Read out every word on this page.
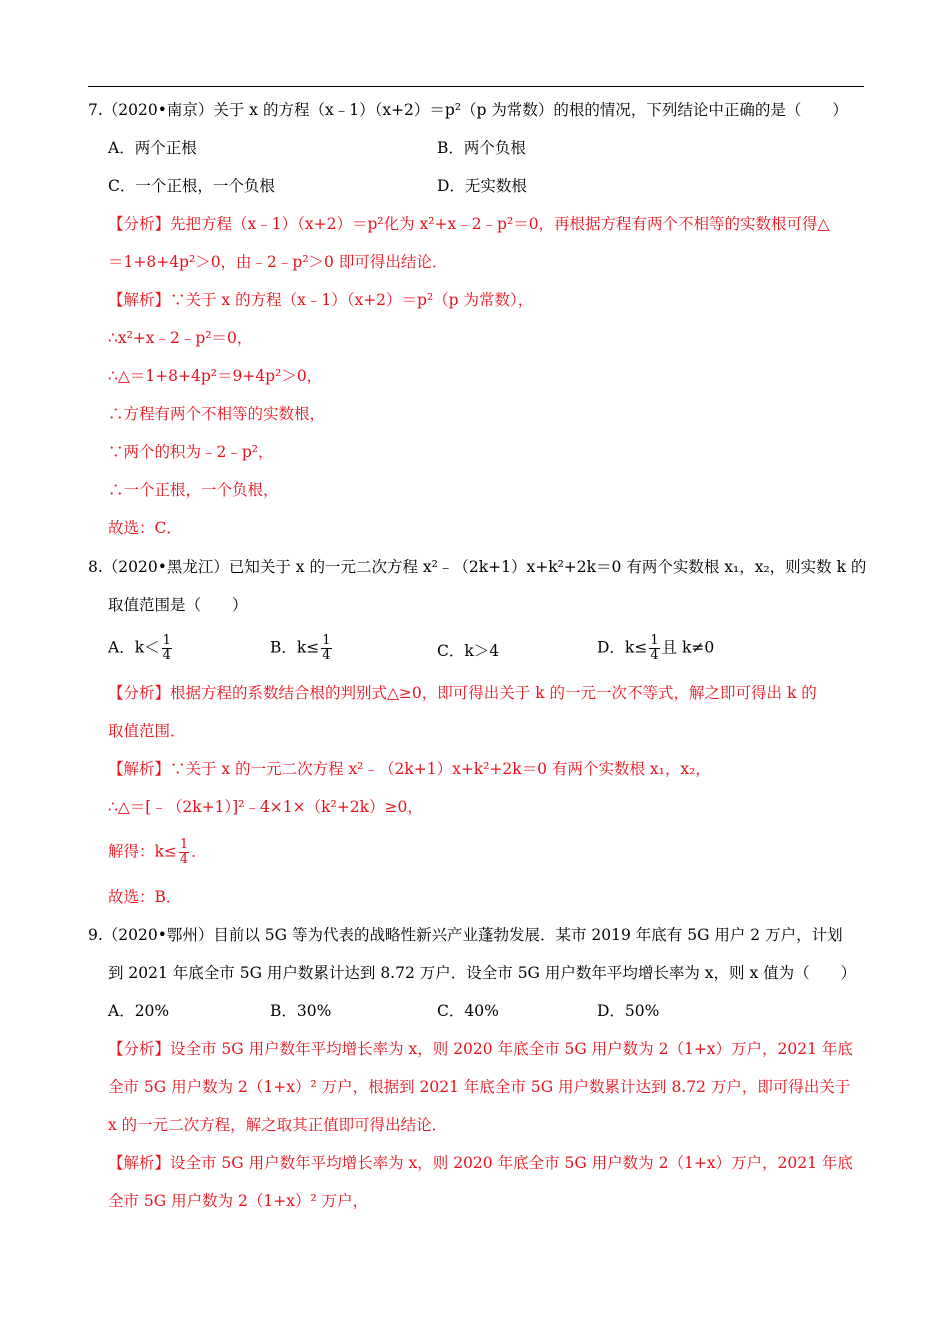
7.（2020•南京）关于 x 的方程（x﹣1）（x+2）＝p²（p 为常数）的根的情况，下列结论中正确的是（　　）
A．两个正根	B．两个负根
C．一个正根，一个负根	D．无实数根
【分析】先把方程（x﹣1）（x+2）＝p²化为 x²+x﹣2﹣p²＝0，再根据方程有两个不相等的实数根可得△
＝1+8+4p²＞0，由﹣2﹣p²＞0 即可得出结论．
【解析】∵关于 x 的方程（x﹣1）（x+2）＝p²（p 为常数），
∴x²+x﹣2﹣p²＝0，
∴△＝1+8+4p²＝9+4p²＞0，
∴方程有两个不相等的实数根，
∵两个的积为﹣2﹣p²，
∴一个正根，一个负根，
故选：C．
8.（2020•黑龙江）已知关于 x 的一元二次方程 x²﹣（2k+1）x+k²+2k＝0 有两个实数根 x₁，x₂，则实数 k 的
取值范围是（　　）
A．$k< \frac{1}{4}$	B．$k\le \frac{1}{4}$	C．k＞4	D．$k\le \frac{1}{4}$ 且 k≠0
【分析】根据方程的系数结合根的判别式△≥0，即可得出关于 k 的一元一次不等式，解之即可得出 k 的
取值范围．
【解析】∵关于 x 的一元二次方程 x²﹣（2k+1）x+k²+2k＝0 有两个实数根 x₁，x₂，
∴△＝[﹣（2k+1）]²﹣4×1×（k²+2k）≥0，
解得：$k\le \frac{1}{4}$ ．
故选：B．
9.（2020•鄂州）目前以 5G 等为代表的战略性新兴产业蓬勃发展．某市 2019 年底有 5G 用户 2 万户，计划
到 2021 年底全市 5G 用户数累计达到 8.72 万户．设全市 5G 用户数年平均增长率为 x，则 x 值为（　　）
A．20%	B．30%	C．40%	D．50%
【分析】设全市 5G 用户数年平均增长率为 x，则 2020 年底全市 5G 用户数为 2（1+x）万户，2021 年底
全市 5G 用户数为 2（1+x）² 万户，根据到 2021 年底全市 5G 用户数累计达到 8.72 万户，即可得出关于
x 的一元二次方程，解之取其正值即可得出结论．
【解析】设全市 5G 用户数年平均增长率为 x，则 2020 年底全市 5G 用户数为 2（1+x）万户，2021 年底
全市 5G 用户数为 2（1+x）² 万户，
